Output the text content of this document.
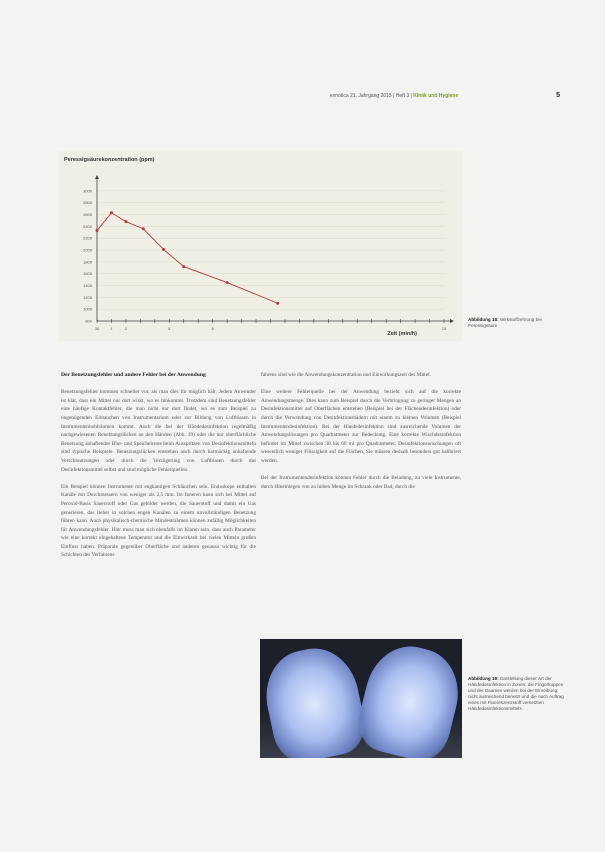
exnotica 21. Jahrgang 2015 | Heft 3 | Klinik und Hygiene	5
3000
2800
2600
2400
2200
2000
1800
1600
1400
1200
1000
800
30	1	2	5	8	24
Peressigsäurekonzentration (ppm)
Zeit (min/h)
Abbildung 18: Wirkstoffzehrung bei Peressigsäure
Der Benetzungsfehler und andere Fehler bei der Anwendung

Benetzungsfehler kommen schneller vor, als man dies für möglich hält. Jedem Anwender ist klar, dass ein Mittel nur dort wirkt, wo es hinkommt. Trotzdem sind Benetzungsfehler eine häufige Kontaktfehler, die man nicht nur dort findet, wo es zum Beispiel zu ungenügenden Eintauchen von Instrumentarium oder zur Bildung von Luftblasen in Instrumentenhohlräumen kommt. Auch die bei der Händedesinfektion regelmäßig nachgewiesenen Benetzungslücken an den Händen (Abb. 19) oder die nur oberflächliche Benetzung anhaftender Blut- und Speichelreste beim Ausspritzen von Desinfektionsmitteln sind typische Beispiele. Benetzungslücken entstehen auch durch hartnäckig anhaftende Verschmutzungen oder durch die Verzögerung von Luftblasen durch das Desinfektionsmittel selbst und sind mögliche Fehlerquellen.

Ein Beispiel können Instrumente mit engkantigen Schläuchen sein. Endoskope enthalten Kanäle mit Durchmessern von weniger als 2,5 mm. Im Inneren kann sich bei Mittel auf Peroxid-Basis Sauerstoff oder Gas gebildet werden, die Sauerstoff und damit ein Gas generieren, das lieber in solchen engen Kanälen zu einem unvollständigen Benetzung führen kann. Auch physikalisch-chemische Mindestrahmen können zufällig Möglichkeiten für Anwendungsfehler. Hier muss man sich ebenfalls im Klaren sein, dass auch Parameter wie eine korrekt eingehaltene Temperatur und die Einwirkzeit bei vielen Mitteln großen Einfluss haben. Präparate gegenüber Oberfläche und anderen genauso wichtig für die Schichten des Verfahrens

fahrens sind wie die Anwendungskonzentration und Einwirkungszeit des Mittel.

Eine weitere Fehlerquelle bei der Anwendung bezieht sich auf die korrekte Anwendungsmenge. Dies kann zum Beispiel durch die Verbringung zu geringer Mengen an Desinfektionsmittel auf Oberflächen entstehen (Beispiel bei der Flächendesinfektion) oder durch die Verwendung von Desinfektionsbädern mit einem zu kleinen Volumen (Beispiel Instrumentendesinfektion). Bei der Händedesinfektion sind ausreichende Volumen der Anwendungslösungen pro Quadratmeter zur Bedeckung. Eine korrekte Wischdesinfektion befindet im Mittel zwischen 30 bis 60 ml pro Quadratmeter. Desinfektionswischungen oft wesentlich weniger Flüssigkeit auf die Flächen, Sie müssen deshalb besonders gut kalibriert werden.

Bei der Instrumentendesinfektion können Fehler durch die Beladung, zu viele Instrumente, durch Hineinlegen von zu hohen Menge im Schrank oder Bad, durch die

Abbildung 19: Darstellung dieser Art der Händedesinfektion in Zonen: die Fingerkuppen und der Daumen werden bei der Einreibung, nicht ausreichend benetzt und die nach Auftrag eines mit Fluoreszenzstoff versetzten Händedesinfektionsmittels.
